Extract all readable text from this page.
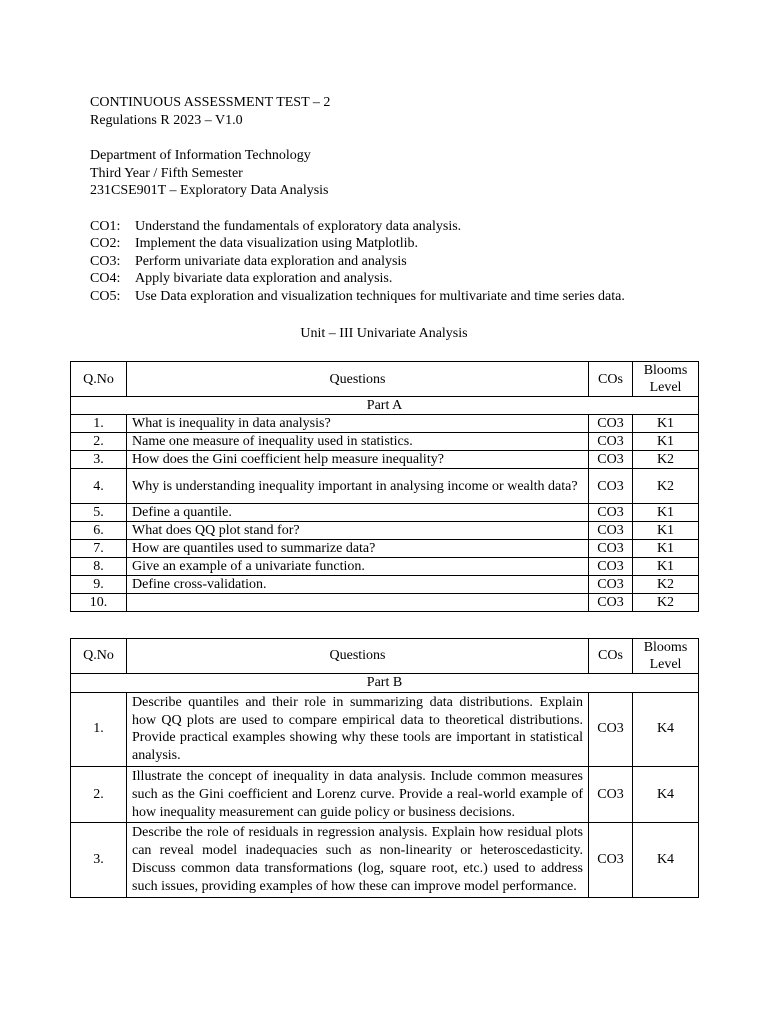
CONTINUOUS ASSESSMENT TEST – 2
Regulations R 2023 – V1.0
Department of Information Technology
Third Year / Fifth Semester
231CSE901T – Exploratory Data Analysis
CO1:	Understand the fundamentals of exploratory data analysis.
CO2:	Implement the data visualization using Matplotlib.
CO3:	Perform univariate data exploration and analysis
CO4:	Apply bivariate data exploration and analysis.
CO5:	Use Data exploration and visualization techniques for multivariate and time series data.
Unit – III Univariate Analysis
Q.No	Questions	COs	Blooms
Level

Part A			
1.	What is inequality in data analysis?	CO3	K1
2.	Name one measure of inequality used in statistics.	CO3	K1
3.	How does the Gini coefficient help measure inequality?	CO3	K2
4.	Why is understanding inequality important in analysing income or wealth data?	CO3	K2
5.	Define a quantile.	CO3	K1
6.	What does QQ plot stand for?	CO3	K1
7.	How are quantiles used to summarize data?	CO3	K1
8.	Give an example of a univariate function.	CO3	K1
9.	Define cross-validation.	CO3	K2
10.		CO3	K2
Q.No	Questions	COs	Blooms
Level

Part B			
1.	Describe quantiles and their role in summarizing data distributions. Explain how QQ plots are used to compare empirical data to theoretical distributions. Provide practical examples showing why these tools are important in statistical analysis.	CO3	K4
2.	Illustrate the concept of inequality in data analysis. Include common measures such as the Gini coefficient and Lorenz curve. Provide a real-world example of how inequality measurement can guide policy or business decisions.	CO3	K4
3.	Describe the role of residuals in regression analysis. Explain how residual plots can reveal model inadequacies such as non-linearity or heteroscedasticity. Discuss common data transformations (log, square root, etc.) used to address such issues, providing examples of how these can improve model performance.	CO3	K4
